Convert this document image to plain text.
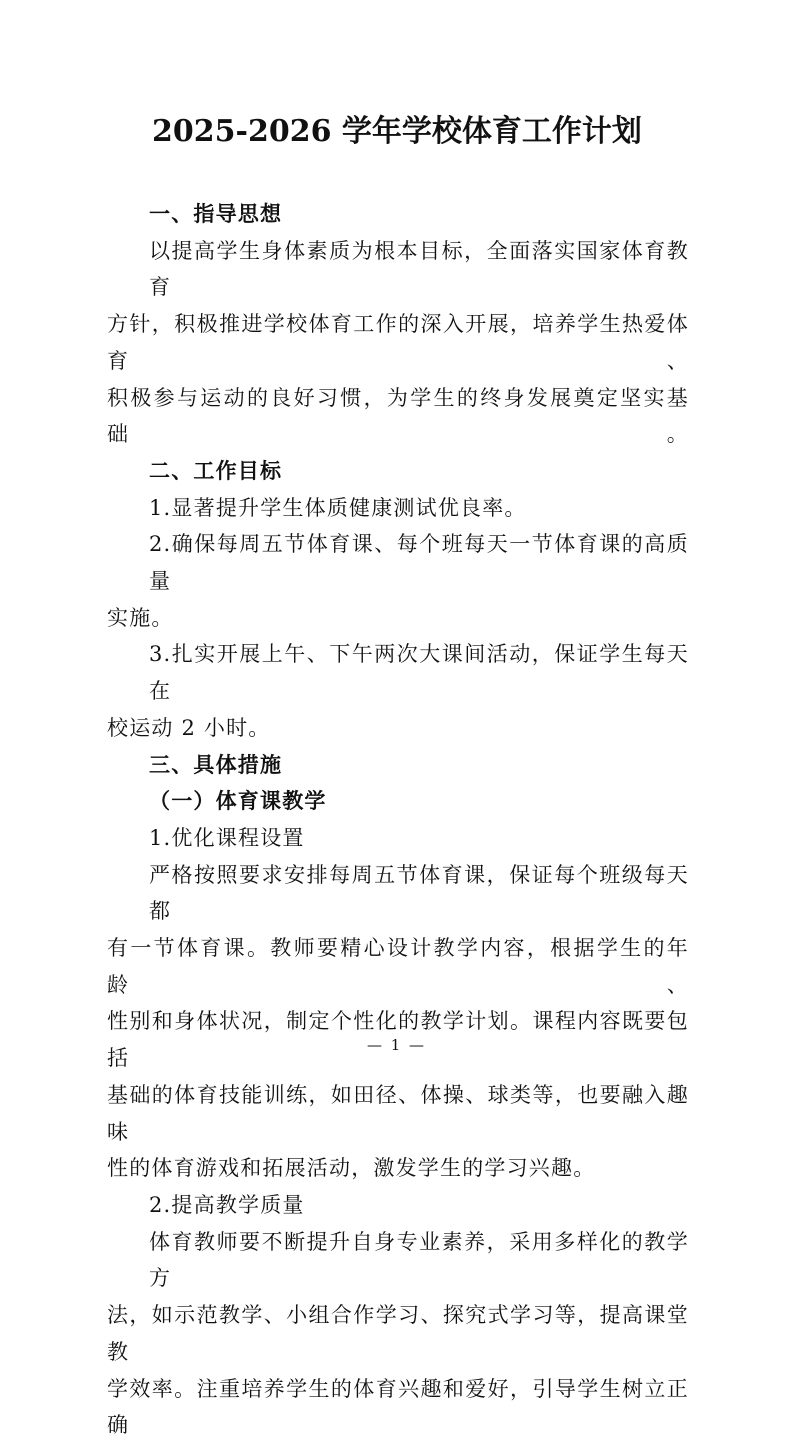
2025-2026 学年学校体育工作计划
一、指导思想
以提高学生身体素质为根本目标，全面落实国家体育教育
方针，积极推进学校体育工作的深入开展，培养学生热爱体育、
积极参与运动的良好习惯，为学生的终身发展奠定坚实基础。
二、工作目标
1.显著提升学生体质健康测试优良率。
2.确保每周五节体育课、每个班每天一节体育课的高质量
实施。
3.扎实开展上午、下午两次大课间活动，保证学生每天在
校运动 2 小时。
三、具体措施
（一）体育课教学
1.优化课程设置
严格按照要求安排每周五节体育课，保证每个班级每天都
有一节体育课。教师要精心设计教学内容，根据学生的年龄、
性别和身体状况，制定个性化的教学计划。课程内容既要包括
基础的体育技能训练，如田径、体操、球类等，也要融入趣味
性的体育游戏和拓展活动，激发学生的学习兴趣。
2.提高教学质量
体育教师要不断提升自身专业素养，采用多样化的教学方
法，如示范教学、小组合作学习、探究式学习等，提高课堂教
学效率。注重培养学生的体育兴趣和爱好，引导学生树立正确
— 1 —
